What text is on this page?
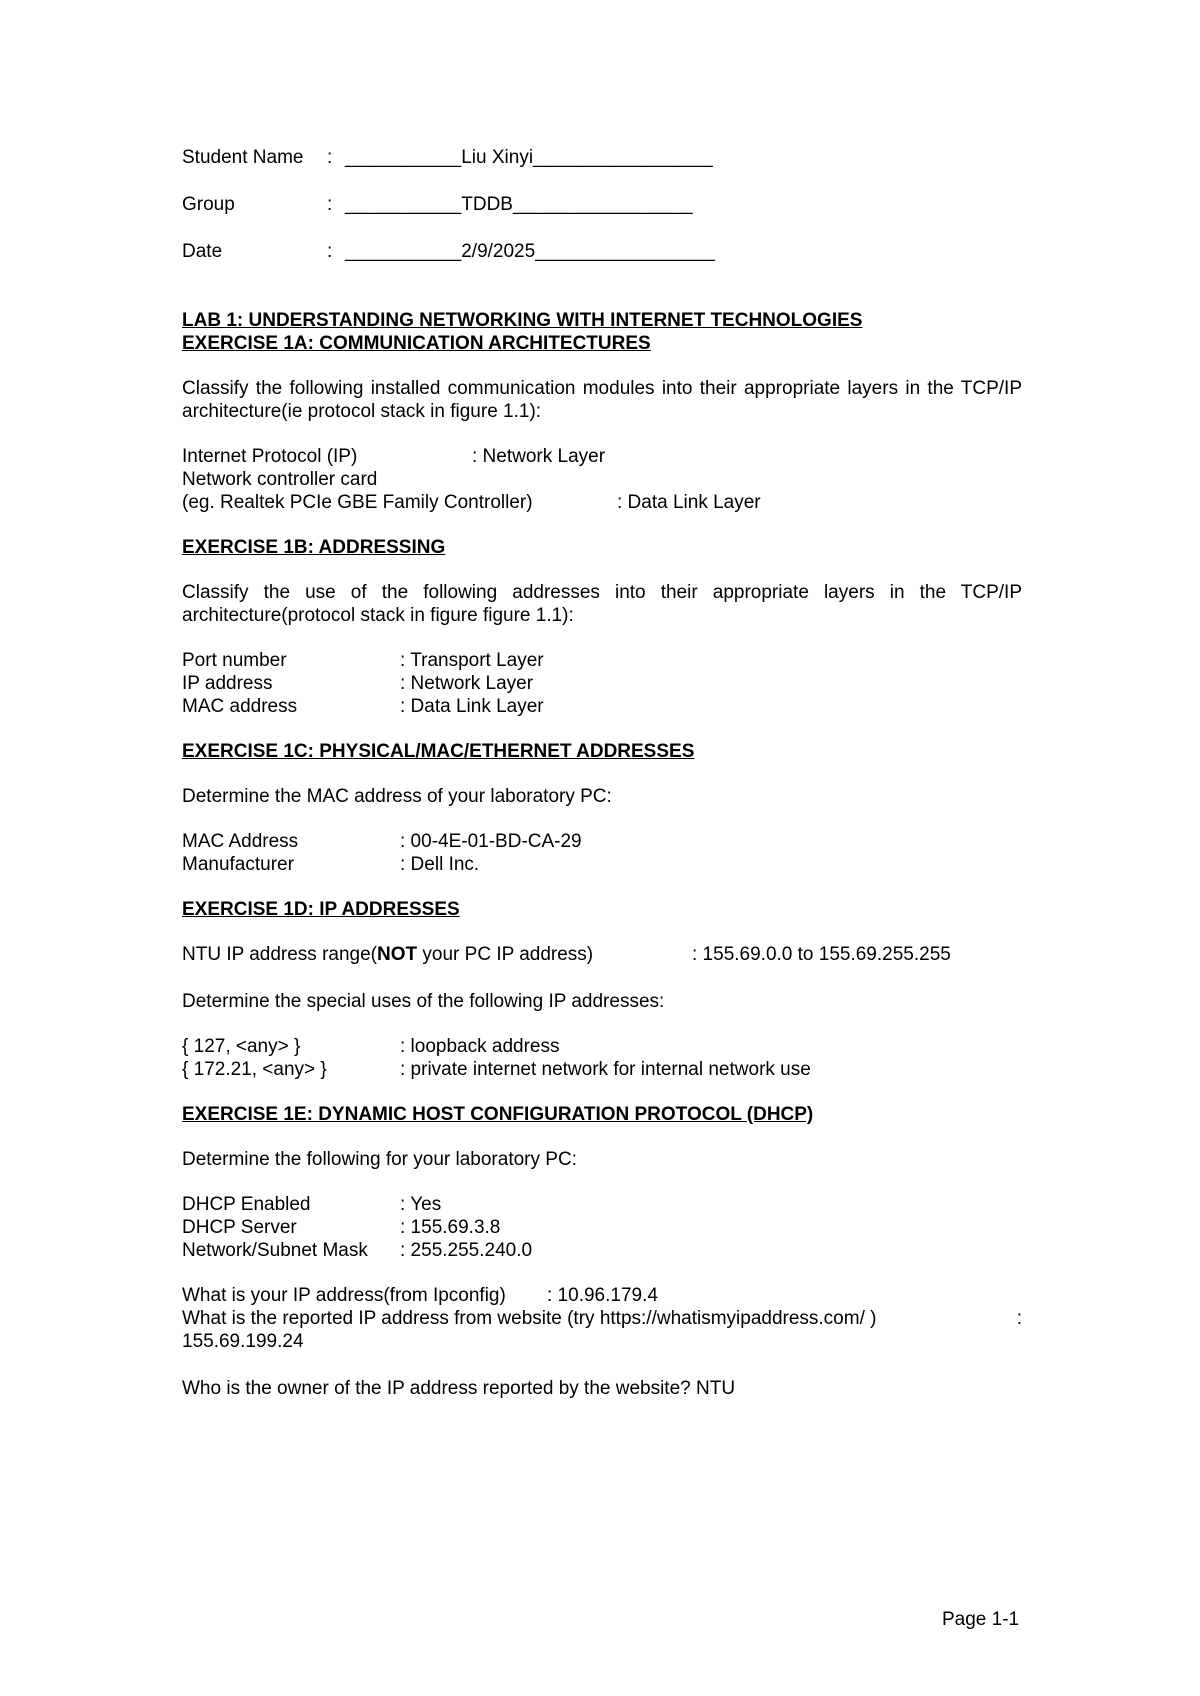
Student Name	: ___________Liu Xinyi_________________
Group	: ___________TDDB_________________
Date	: ___________2/9/2025_________________
LAB 1: UNDERSTANDING NETWORKING WITH INTERNET TECHNOLOGIES
EXERCISE 1A: COMMUNICATION ARCHITECTURES
Classify the following installed communication modules into their appropriate layers in the TCP/IP architecture(ie protocol stack in figure 1.1):
Internet Protocol (IP)	: Network Layer
Network controller card
(eg. Realtek PCIe GBE Family Controller)	: Data Link Layer
EXERCISE 1B: ADDRESSING
Classify the use of the following addresses into their appropriate layers in the TCP/IP architecture(protocol stack in figure figure 1.1):
Port number	: Transport Layer
IP address	: Network Layer
MAC address	: Data Link Layer
EXERCISE 1C: PHYSICAL/MAC/ETHERNET ADDRESSES
Determine the MAC address of your laboratory PC:
MAC Address	: 00-4E-01-BD-CA-29
Manufacturer	: Dell Inc.
EXERCISE 1D: IP ADDRESSES
NTU IP address range(NOT your PC IP address)	: 155.69.0.0 to 155.69.255.255
Determine the special uses of the following IP addresses:
{ 127, <any> }	: loopback address
{ 172.21, <any> }	: private internet network for internal network use
EXERCISE 1E: DYNAMIC HOST CONFIGURATION PROTOCOL (DHCP)
Determine the following for your laboratory PC:
DHCP Enabled	: Yes
DHCP Server	: 155.69.3.8
Network/Subnet Mask	: 255.255.240.0
What is your IP address(from Ipconfig)	: 10.96.179.4
What is the reported IP address from website (try https://whatismyipaddress.com/ )	:
155.69.199.24
Who is the owner of the IP address reported by the website? NTU
Page 1-1
